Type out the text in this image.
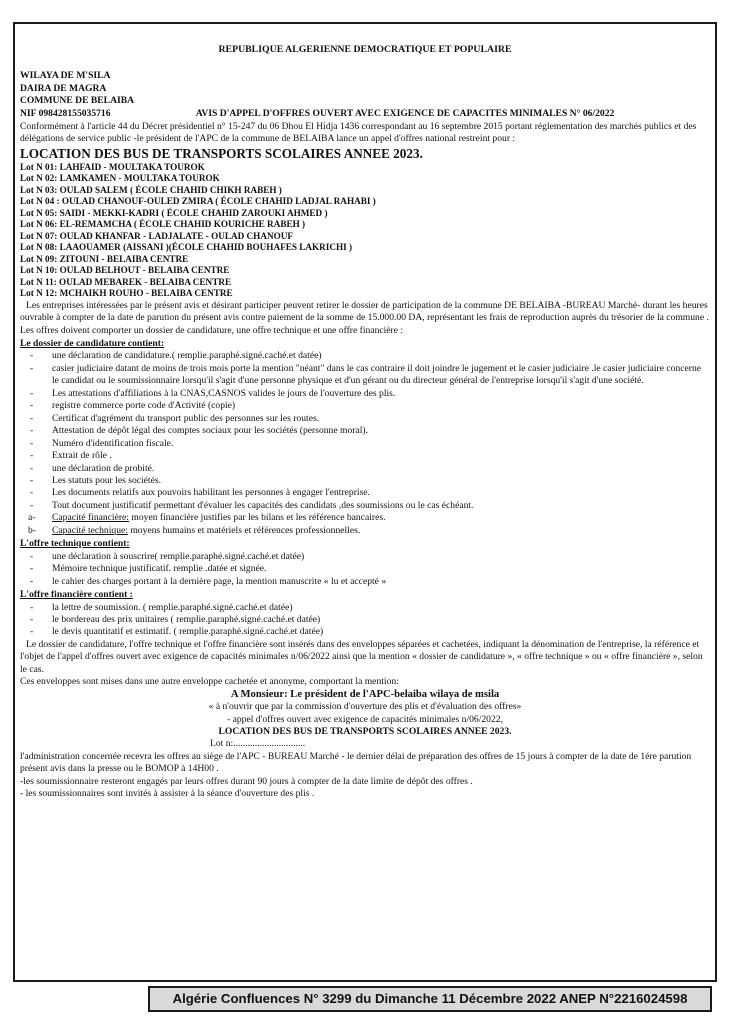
REPUBLIQUE ALGERIENNE DEMOCRATIQUE ET POPULAIRE
WILAYA DE M'SILA
DAIRA DE MAGRA
COMMUNE DE BELAIBA
NIF 098428155035716	AVIS D'APPEL D'OFFRES OUVERT AVEC EXIGENCE DE CAPACITES MINIMALES N° 06/2022
Conformément à l'article 44 du Décret présidentiel n° 15-247 du 06 Dhou El Hidja 1436 correspondant au 16 septembre 2015 portant réglementation des marchés publics et des délégations de service public -le président de l'APC de la commune de BELAIBA lance un appel d'offres national restreint pour :
LOCATION DES BUS DE TRANSPORTS SCOLAIRES ANNEE 2023.
Lot N 01: LAHFAID - MOULTAKA TOUROK
Lot N 02: LAMKAMEN - MOULTAKA TOUROK
Lot N 03: OULAD SALEM ( ÉCOLE CHAHID CHIKH RABEH )
Lot N 04 : OULAD CHANOUF-OULED ZMIRA ( ÉCOLE CHAHID LADJAL RAHABI )
Lot N 05: SAIDI - MEKKI-KADRI ( ÉCOLE CHAHID ZAROUKI AHMED )
Lot N 06: EL-REMAMCHA ( ÉCOLE CHAHID KOURICHE RABEH )
Lot N 07: OULAD KHANFAR - LADJALATE - OULAD CHANOUF
Lot N 08: LAAOUAMER (AISSANI )(ÉCOLE CHAHID BOUHAFES LAKRICHI )
Lot N 09: ZITOUNI - BELAIBA CENTRE
Lot N 10: OULAD BELHOUT - BELAIBA CENTRE
Lot N 11: OULAD MEBAREK - BELAIBA CENTRE
Lot N 12: MCHAIKH ROUHO - BELAIBA CENTRE
Les entreprises intéressées par le présent avis et désirant participer peuvent retirer le dossier de participation de la commune DE BELAIBA -BUREAU Marché- durant les heures ouvrable à compter de la date de parution du présent avis contre paiement de la somme de 15.000.00 DA, représentant les frais de reproduction auprès du trésorier de la commune .
Les offres doivent comporter un dossier de candidature, une offre technique et une offre financière :
Le dossier de candidature contient:
- une déclaration de candidature.( remplie.paraphé.signé.caché.et datée)
- casier judiciaire datant de moins de trois mois porte la mention "néant" dans le cas contraire il doit joindre le jugement et le casier judiciaire .le casier judiciaire concerne le candidat ou le soumissionnaire lorsqu'il s'agit d'une personne physique et d'un gérant ou du directeur général de l'entreprise lorsqu'il s'agit d'une société.
- Les attestations d'affiliations à la CNAS,CASNOS valides le jours de l'ouverture des plis.
- registre commerce porte code d'Activité (copie)
- Certificat d'agrément du transport public des personnes sur les routes.
- Attestation de dépôt légal des comptes sociaux pour les sociétés (personne moral).
- Numéro d'identification fiscale.
- Extrait de rôle .
- une déclaration de probité.
- Les statuts pour les sociétés.
- Les documents relatifs aux pouvoirs habilitant les personnes à engager l'entreprise.
- Tout document justificatif permettant d'évaluer les capacités des candidats ,des soumissions ou le cas échéant.
a- Capacité financière: moyen financière justifies par les bilans et les référence bancaires.
b- Capacité technique: moyens humains et matériels et références professionnelles.
L'offre technique contient:
- une déclaration à souscrire( remplie.paraphé.signé.caché.et datée)
- Mémoire technique justificatif. remplie .datée et signée.
- le cahier des charges portant à la dernière page, la mention manuscrite « lu et accepté »
L'offre financière contient :
- la lettre de soumission. ( remplie.paraphé.signé.caché.et datée)
- le bordereau des prix unitaires ( remplie.paraphé.signé.caché.et datée)
- le devis quantitatif et estimatif. ( remplie.paraphé.signé.caché.et datée)
Le dossier de candidature, l'offre technique et l'offre financière sont insérés dans des enveloppes séparées et cachetées, indiquant la dénomination de l'entreprise, la référence et l'objet de l'appel d'offres ouvert avec exigence de capacités minimales n/06/2022 ainsi que la mention « dossier de candidature », « offre technique » ou « offre financière », selon le cas.
Ces enveloppes sont mises dans une autre enveloppe cachetée et anonyme, comportant la mention:
A Monsieur: Le président de l'APC-belaiba wilaya de msila
« à n'ouvrir que par la commission d'ouverture des plis et d'évaluation des offres»
- appel d'offres ouvert avec exigence de capacités minimales n/06/2022,
LOCATION DES BUS DE TRANSPORTS SCOLAIRES ANNEE 2023.
Lot n:..............................
l'administration concernée recevra les offres au siège de l'APC - BUREAU Marché - le dernier délai de préparation des offres de 15 jours à compter de la date de 1ére parution présent avis dans la presse ou le BOMOP à 14H00 .
-les soumissionnaire resteront engagés par leurs offres durant 90 jours à compter de la date limite de dépôt des offres .
- les soumissionnaires sont invités à assister à la séance d'ouverture des plis .
Algérie Confluences N° 3299 du Dimanche 11 Décembre 2022 ANEP N°2216024598
